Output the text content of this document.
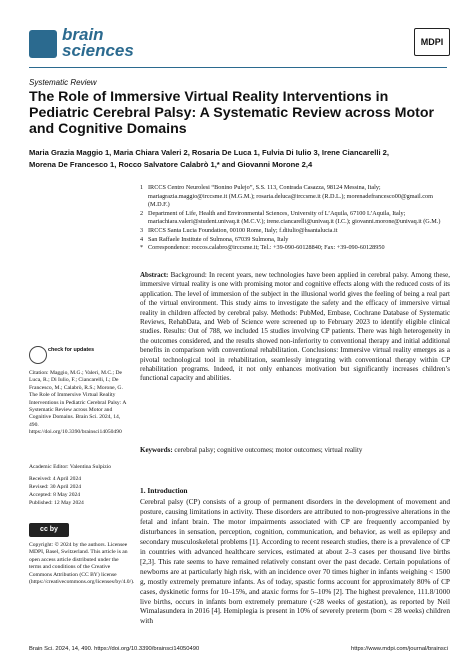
brain
sciences	MDPI
Systematic Review
The Role of Immersive Virtual Reality Interventions in Pediatric Cerebral Palsy: A Systematic Review across Motor and Cognitive Domains
Maria Grazia Maggio 1, Maria Chiara Valeri 2, Rosaria De Luca 1, Fulvia Di Iulio 3, Irene Ciancarelli 2,
Morena De Francesco 1, Rocco Salvatore Calabrò 1,* and Giovanni Morone 2,4
1 IRCCS Centro Neurolesi “Bonino Pulejo”, S.S. 113, Contrada Casazza, 98124 Messina, Italy; mariagrazia.maggio@irccsme.it (M.G.M.); rosaria.deluca@irccsme.it (R.D.L.); morenadefrancesco00@gmail.com (M.D.F.)
2 Department of Life, Health and Environmental Sciences, University of L’Aquila, 67100 L’Aquila, Italy; mariachiara.valeri@student.univaq.it (M.C.V.); irene.ciancarelli@univaq.it (I.C.); giovanni.morone@univaq.it (G.M.)
3 IRCCS Santa Lucia Foundation, 00100 Rome, Italy; f.diiulio@hsantalucia.it
4 San Raffaele Institute of Sulmona, 67039 Sulmona, Italy
* Correspondence: roccos.calabro@irccsme.it; Tel.: +39-090-60128840; Fax: +39-090-60128950
Abstract: Background: In recent years, new technologies have been applied in cerebral palsy. Among these, immersive virtual reality is one with promising motor and cognitive effects along with the reduced costs of its application. The level of immersion of the subject in the illusional world gives the feeling of being a real part of the virtual environment. This study aims to investigate the safety and the efficacy of immersive virtual reality in children affected by cerebral palsy. Methods: PubMed, Embase, Cochrane Database of Systematic Reviews, RehabData, and Web of Science were screened up to February 2023 to identify eligible clinical studies. Results: Out of 788, we included 15 studies involving CP patients. There was high heterogeneity in the outcomes considered, and the results showed non-inferiority to conventional therapy and initial additional benefits in comparison with conventional rehabilitation. Conclusions: Immersive virtual reality emerges as a pivotal technological tool in rehabilitation, seamlessly integrating with conventional therapy within CP rehabilitation programs. Indeed, it not only enhances motivation but significantly increases children’s functional capacity and abilities.
Keywords: cerebral palsy; cognitive outcomes; motor outcomes; virtual reality
1. Introduction
Cerebral palsy (CP) consists of a group of permanent disorders in the development of movement and posture, causing limitations in activity. These disorders are attributed to non-progressive alterations in the fetal and infant brain. The motor impairments associated with CP are frequently accompanied by disturbances in sensation, perception, cognition, communication, and behavior, as well as epilepsy and secondary musculoskeletal problems [1]. According to recent research studies, there is a prevalence of CP in countries with advanced healthcare services, estimated at about 2–3 cases per thousand live births [2,3]. This rate seems to have remained relatively constant over the past decade. Certain populations of newborns are at particularly high risk, with an incidence over 70 times higher in infants weighing < 1500 g, mostly extremely premature infants. As of today, spastic forms account for approximately 80% of CP cases, dyskinetic forms for 10–15%, and ataxic forms for 5–10% [2]. The highest prevalence, 111.8/1000 live births, occurs in infants born extremely premature (<28 weeks of gestation), as reported by Neil Wimalasundera in 2016 [4]. Hemiplegia is present in 10% of severely preterm (born < 28 weeks) children with
check for updates
Citation: Maggio, M.G.; Valeri, M.C.; De Luca, R.; Di Iulio, F.; Ciancarelli, I.; De Francesco, M.; Calabrò, R.S.; Morone, G. The Role of Immersive Virtual Reality Interventions in Pediatric Cerebral Palsy: A Systematic Review across Motor and Cognitive Domains. Brain Sci. 2024, 14, 490. https://doi.org/10.3390/brainsci14050490
Academic Editor: Valentina Sulpizio
Received: 4 April 2024
Revised: 30 April 2024
Accepted: 8 May 2024
Published: 12 May 2024
cc by
Copyright: © 2024 by the authors. Licensee MDPI, Basel, Switzerland. This article is an open access article distributed under the terms and conditions of the Creative Commons Attribution (CC BY) license (https://creativecommons.org/licenses/by/4.0/).
Brain Sci. 2024, 14, 490. https://doi.org/10.3390/brainsci14050490	https://www.mdpi.com/journal/brainsci
